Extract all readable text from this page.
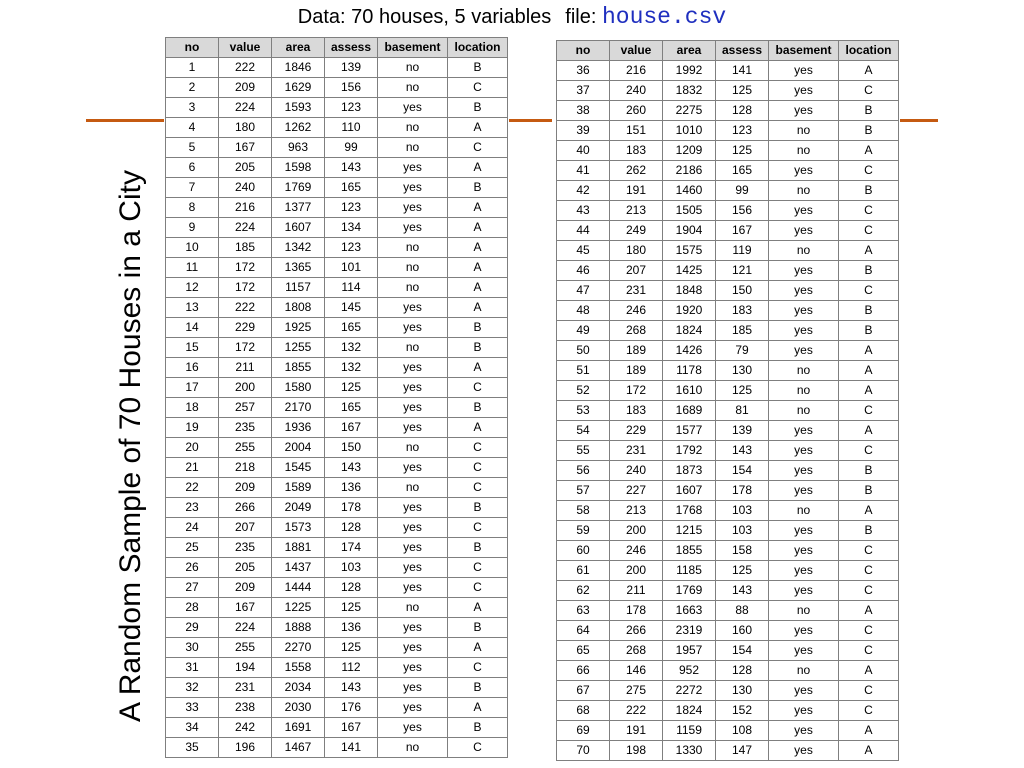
Data: 70 houses, 5 variables file: house.csv
A Random Sample of 70 Houses in a City
no	value	area	assess	basement	location
1	222	1846	139	no	B
2	209	1629	156	no	C
3	224	1593	123	yes	B
4	180	1262	110	no	A
5	167	963	99	no	C
6	205	1598	143	yes	A
7	240	1769	165	yes	B
8	216	1377	123	yes	A
9	224	1607	134	yes	A
10	185	1342	123	no	A
11	172	1365	101	no	A
12	172	1157	114	no	A
13	222	1808	145	yes	A
14	229	1925	165	yes	B
15	172	1255	132	no	B
16	211	1855	132	yes	A
17	200	1580	125	yes	C
18	257	2170	165	yes	B
19	235	1936	167	yes	A
20	255	2004	150	no	C
21	218	1545	143	yes	C
22	209	1589	136	no	C
23	266	2049	178	yes	B
24	207	1573	128	yes	C
25	235	1881	174	yes	B
26	205	1437	103	yes	C
27	209	1444	128	yes	C
28	167	1225	125	no	A
29	224	1888	136	yes	B
30	255	2270	125	yes	A
31	194	1558	112	yes	C
32	231	2034	143	yes	B
33	238	2030	176	yes	A
34	242	1691	167	yes	B
35	196	1467	141	no	C
no	value	area	assess	basement	location
36	216	1992	141	yes	A
37	240	1832	125	yes	C
38	260	2275	128	yes	B
39	151	1010	123	no	B
40	183	1209	125	no	A
41	262	2186	165	yes	C
42	191	1460	99	no	B
43	213	1505	156	yes	C
44	249	1904	167	yes	C
45	180	1575	119	no	A
46	207	1425	121	yes	B
47	231	1848	150	yes	C
48	246	1920	183	yes	B
49	268	1824	185	yes	B
50	189	1426	79	yes	A
51	189	1178	130	no	A
52	172	1610	125	no	A
53	183	1689	81	no	C
54	229	1577	139	yes	A
55	231	1792	143	yes	C
56	240	1873	154	yes	B
57	227	1607	178	yes	B
58	213	1768	103	no	A
59	200	1215	103	yes	B
60	246	1855	158	yes	C
61	200	1185	125	yes	C
62	211	1769	143	yes	C
63	178	1663	88	no	A
64	266	2319	160	yes	C
65	268	1957	154	yes	C
66	146	952	128	no	A
67	275	2272	130	yes	C
68	222	1824	152	yes	C
69	191	1159	108	yes	A
70	198	1330	147	yes	A
